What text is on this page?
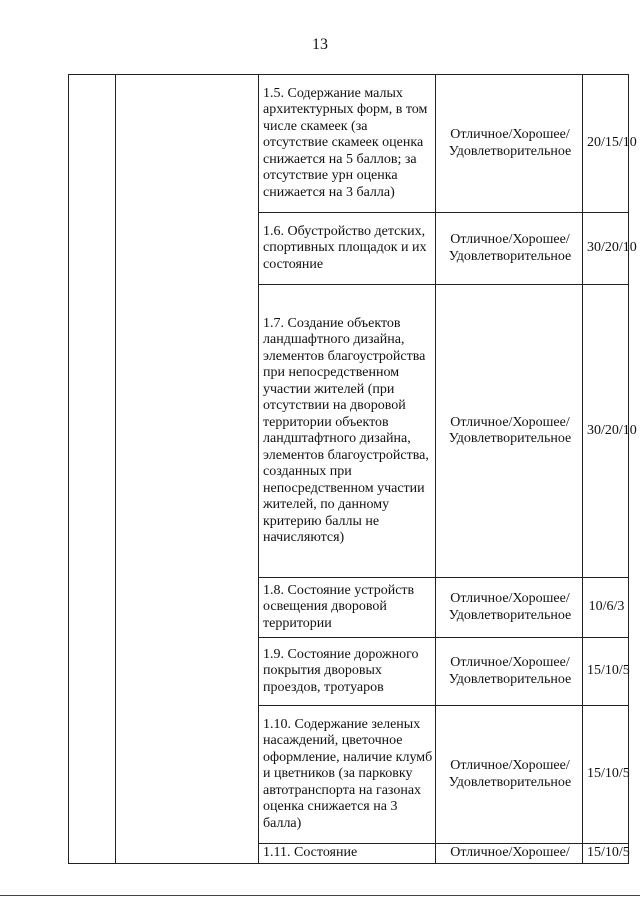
13
		1.5. Содержание малых архитектурных форм, в том числе скамеек (за отсутствие скамеек оценка снижается на 5 баллов; за отсутствие урн оценка снижается на 3 балла)	Отличное/Хорошее/ Удовлетворительное	20/15/10
		1.6. Обустройство детских, спортивных площадок и их состояние	Отличное/Хорошее/ Удовлетворительное	30/20/10
		1.7. Создание объектов ландшафтного дизайна, элементов благоустройства при непосредственном участии жителей (при отсутствии на дворовой территории объектов ландштафтного дизайна, элементов благоустройства, созданных при непосредственном участии жителей, по данному критерию баллы не начисляются)	Отличное/Хорошее/ Удовлетворительное	30/20/10
		1.8. Состояние устройств освещения дворовой территории	Отличное/Хорошее/ Удовлетворительное	10/6/3
		1.9. Состояние дорожного покрытия дворовых проездов, тротуаров	Отличное/Хорошее/ Удовлетворительное	15/10/5
		1.10. Содержание зеленых насаждений, цветочное оформление, наличие клумб и цветников (за парковку автотранспорта на газонах оценка снижается на 3 балла)	Отличное/Хорошее/ Удовлетворительное	15/10/5
		1.11. Состояние	Отличное/Хорошее/	15/10/5
